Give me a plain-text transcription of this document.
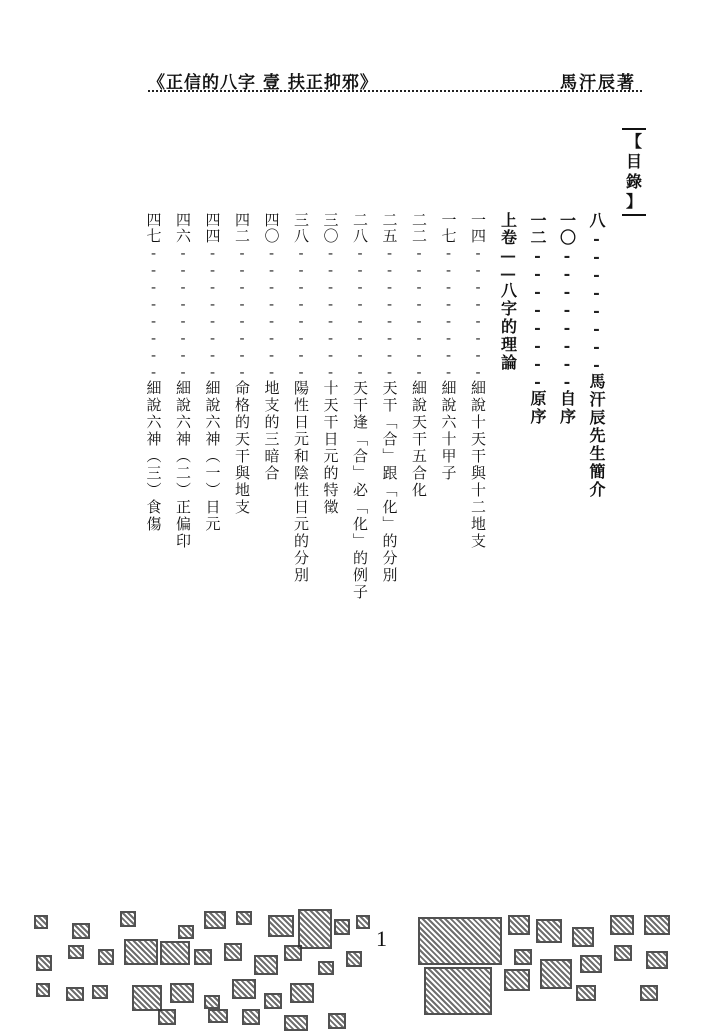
《正信的八字 壹 扶正抑邪》	馬汗辰著
【
目
錄
】
八--------馬汗辰先生簡介
一〇--------自序
一二--------原序
上卷——八字的理論
一四--------細說十天干與十二地支
一七--------細說六十甲子
二二--------細說天干五合化
二五--------天干「合」跟「化」的分別
二八--------天干逢「合」必「化」的例子
三〇--------十天干日元的特徵
三八--------陽性日元和陰性日元的分別
四〇--------地支的三暗合
四二--------命格的天干與地支
四四--------細說六神（一）日元
四六--------細說六神（二）正偏印
四七--------細說六神（三）食傷
1
